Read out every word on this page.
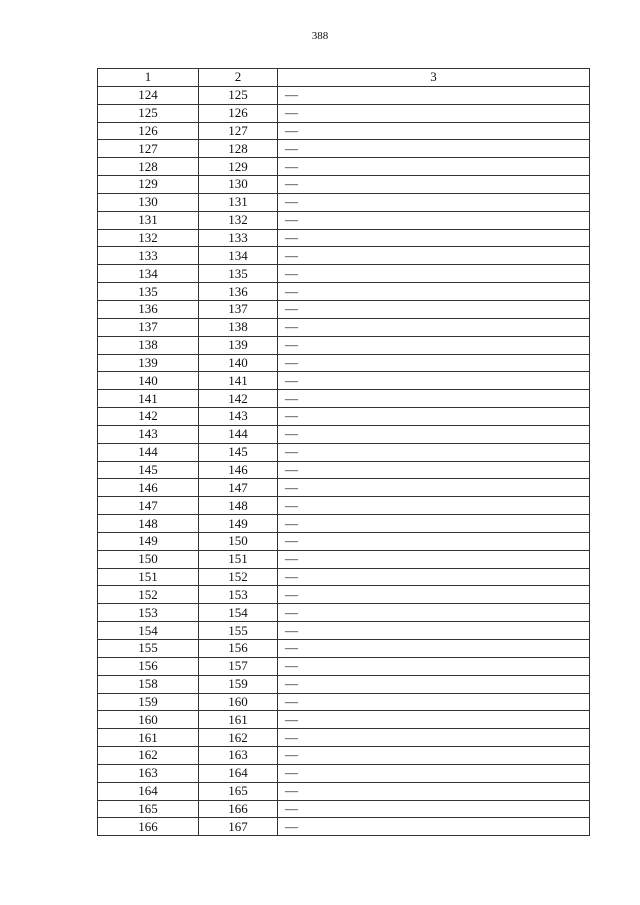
388
1	2	3
124	125	—
125	126	—
126	127	—
127	128	—
128	129	—
129	130	—
130	131	—
131	132	—
132	133	—
133	134	—
134	135	—
135	136	—
136	137	—
137	138	—
138	139	—
139	140	—
140	141	—
141	142	—
142	143	—
143	144	—
144	145	—
145	146	—
146	147	—
147	148	—
148	149	—
149	150	—
150	151	—
151	152	—
152	153	—
153	154	—
154	155	—
155	156	—
156	157	—
158	159	—
159	160	—
160	161	—
161	162	—
162	163	—
163	164	—
164	165	—
165	166	—
166	167	—
